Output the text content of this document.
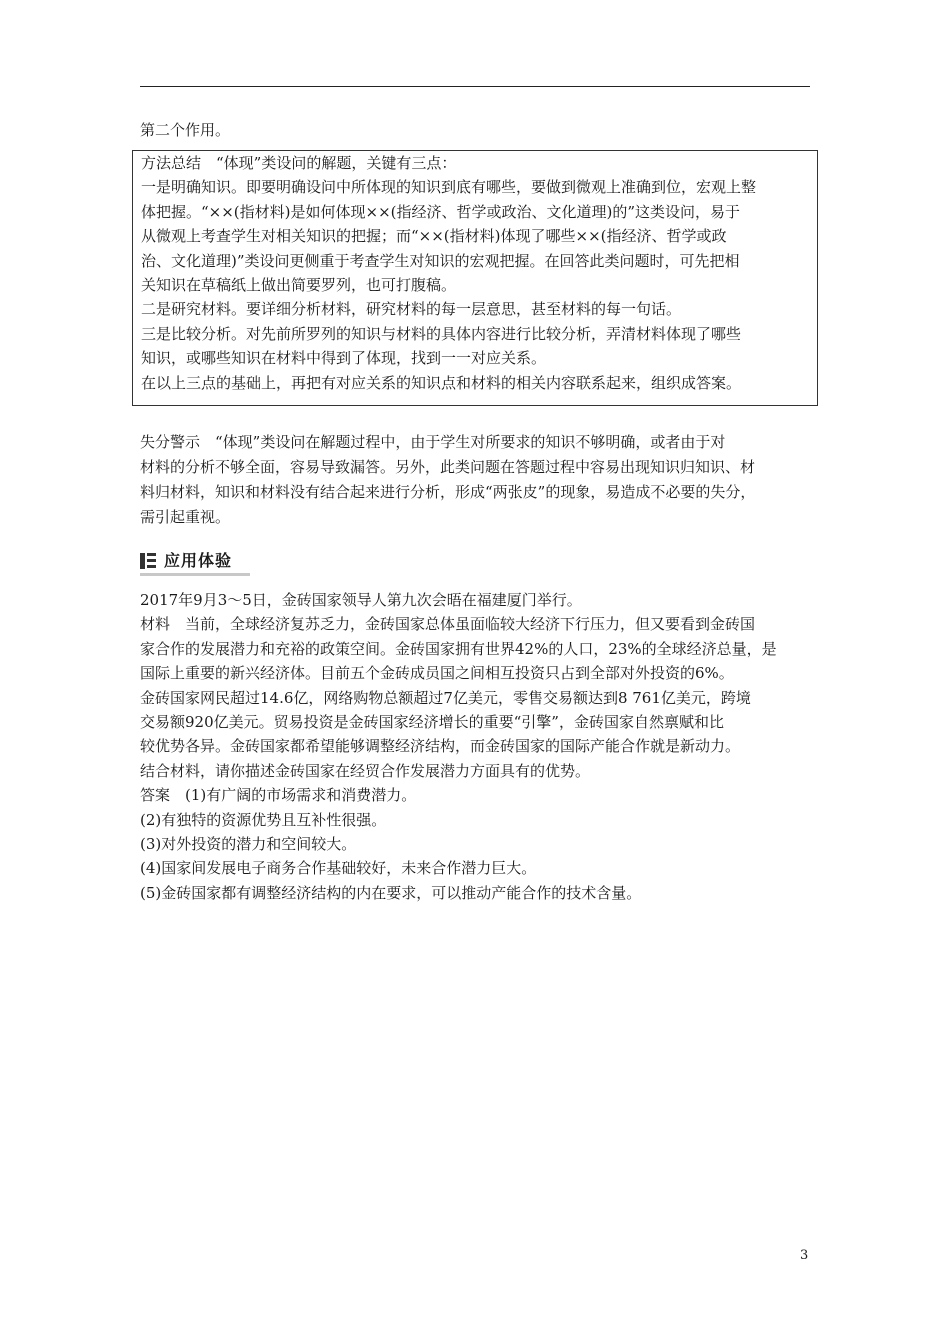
第二个作用。

方法总结　“体现”类设问的解题，关键有三点：
一是明确知识。即要明确设问中所体现的知识到底有哪些，要做到微观上准确到位，宏观上整
体把握。“××(指材料)是如何体现××(指经济、哲学或政治、文化道理)的”这类设问，易于
从微观上考查学生对相关知识的把握；而“××(指材料)体现了哪些××(指经济、哲学或政
治、文化道理)”类设问更侧重于考查学生对知识的宏观把握。在回答此类问题时，可先把相
关知识在草稿纸上做出简要罗列，也可打腹稿。
二是研究材料。要详细分析材料，研究材料的每一层意思，甚至材料的每一句话。
三是比较分析。对先前所罗列的知识与材料的具体内容进行比较分析，弄清材料体现了哪些
知识，或哪些知识在材料中得到了体现，找到一一对应关系。
在以上三点的基础上，再把有对应关系的知识点和材料的相关内容联系起来，组织成答案。
失分警示　“体现”类设问在解题过程中，由于学生对所要求的知识不够明确，或者由于对
材料的分析不够全面，容易导致漏答。另外，此类问题在答题过程中容易出现知识归知识、材
料归材料，知识和材料没有结合起来进行分析，形成“两张皮”的现象，易造成不必要的失分，
需引起重视。
应用体验
2017年9月3～5日，金砖国家领导人第九次会晤在福建厦门举行。
材料　当前，全球经济复苏乏力，金砖国家总体虽面临较大经济下行压力，但又要看到金砖国
家合作的发展潜力和充裕的政策空间。金砖国家拥有世界42%的人口，23%的全球经济总量，是
国际上重要的新兴经济体。目前五个金砖成员国之间相互投资只占到全部对外投资的6%。
金砖国家网民超过14.6亿，网络购物总额超过7亿美元，零售交易额达到8 761亿美元，跨境
交易额920亿美元。贸易投资是金砖国家经济增长的重要“引擎”，金砖国家自然禀赋和比
较优势各异。金砖国家都希望能够调整经济结构，而金砖国家的国际产能合作就是新动力。
结合材料，请你描述金砖国家在经贸合作发展潜力方面具有的优势。
答案　(1)有广阔的市场需求和消费潜力。
(2)有独特的资源优势且互补性很强。
(3)对外投资的潜力和空间较大。
(4)国家间发展电子商务合作基础较好，未来合作潜力巨大。
(5)金砖国家都有调整经济结构的内在要求，可以推动产能合作的技术含量。
3
